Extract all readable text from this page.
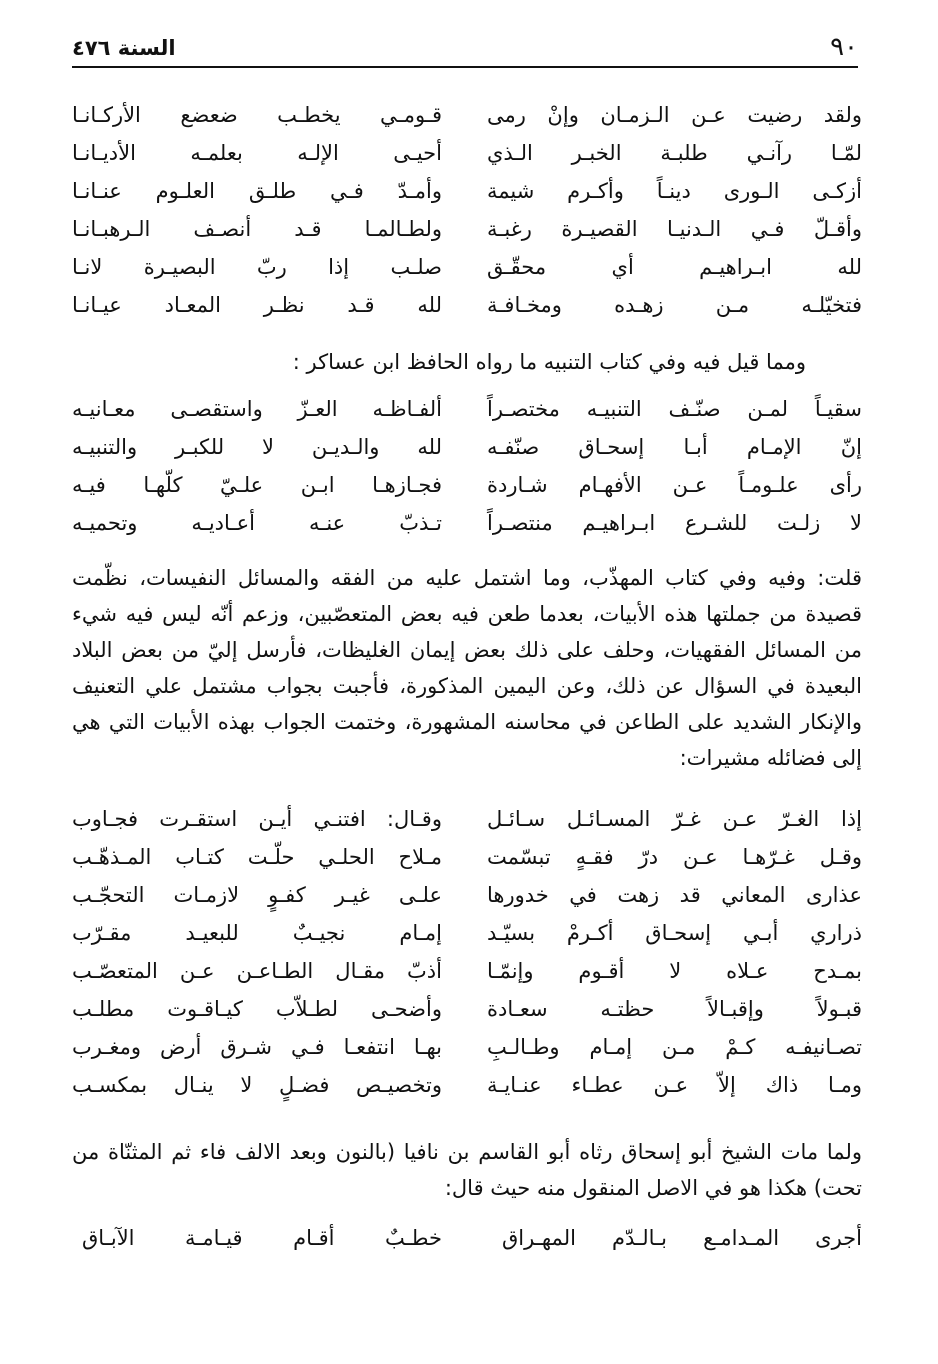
٩٠
السنة ٤٧٦
ولقد رضيت عـن الـزمـان وإنْ رمى
قـومـي يخطـب ضعضع الأركـانـا
لمّـا رآنـي طلبـة الخبـر الـذي
أحيـى الإلـه بعلمـه الأديـانـا
أزكـى الـورى دينـاً وأكـرم شيمة
وأمـدّ فـي طلـق العلـوم عنـانـا
وأقـلّ فـي الـدنيـا القصيـرة رغبـة
ولطـالمـا قـد أنصـف الـرهبـانـا
لله ابـراهيـم أي محقّـق
صلـب إذا ربّ البصيـرة لانـا
فتخيّلـه مـن زهـده ومخـافـة
لله قـد نظـر المعـاد عيـانـا

ومما قيل فيه وفي كتاب التنبيه ما رواه الحافظ ابن عساكر :

سقيـاً لمـن صنّـف التنبيـه مختصـراً
ألفـاظـه العـزّ واستقصـى معـانيـه
إنّ الإمـام أبـا إسحـاق صنّفـه
لله والـديـن لا للكبـر والتنبيـه
رأى علـومـاً عـن الأفهـام شـاردة
فجـازهـا ابـن علـيّ كلّهـا فيـه
لا زلـت للشـرع ابـراهيـم منتصـراً
تـذبّ عنـه أعـاديـه وتحميـه

قلت: وفيه وفي كتاب المهذّب، وما اشتمل عليه من الفقه والمسائل النفيسات، نظّمت قصيدة من جملتها هذه الأبيات، بعدما طعن فيه بعض المتعصّبين، وزعم أنّه ليس فيه شيء من المسائل الفقهيات، وحلف على ذلك بعض إيمان الغليظات، فأرسل إليّ من بعض البلاد البعيدة في السؤال عن ذلك، وعن اليمين المذكورة، فأجبت بجواب مشتمل علي التعنيف والإنكار الشديد على الطاعن في محاسنه المشهورة، وختمت الجواب بهذه الأبيات التي هي إلى فضائله مشيرات:

إذا الغـرّ عـن غـرّ المسـائـل سـائـل
وقـال: افتنـي أيـن استقـرت فجـاوب
وقـل غـرّهـا عـن درّ فقـهٍ تبسّمت
مـلاح الحلـي حلّـت كتـاب المـذهّـب
عذارى المعاني قد زهت في خدورها
علـى غيـر كفـوٍ لازمـات التحجّـب
ذراري أبـي إسحـاق أكـرمْ بسيّـد
إمـام نجيـبٌ للبعيـد مقـرّب
بمـدح عـلاه لا أقـوم وإنمّـا
أذبّ مقـال الطـاعـن عـن المتعصّـب
قبـولاً وإقبـالاً حظتـه سعـادة
وأضحـى لطـلاّب كيـاقـوت مطلـب
تصـانيفـه كـمْ مـن إمـام وطـالـبِ
بهـا انتفعـا فـي شـرق أرض ومغـرب
ومـا ذاك إلاّ عـن عطـاء عنـايـة
وتخصيـص فضـلٍ لا ينـال بمكسـب

ولما مات الشيخ أبو إسحاق رثاه أبو القاسم بن نافيا (بالنون وبعد الالف فاء ثم المثنّاة من تحت) هكذا هو في الاصل المنقول منه حيث قال:

أجرى المـدامـع بـالـدّم المهـراق
خطـبٌ أقـام قيـامـة الآبـاق
